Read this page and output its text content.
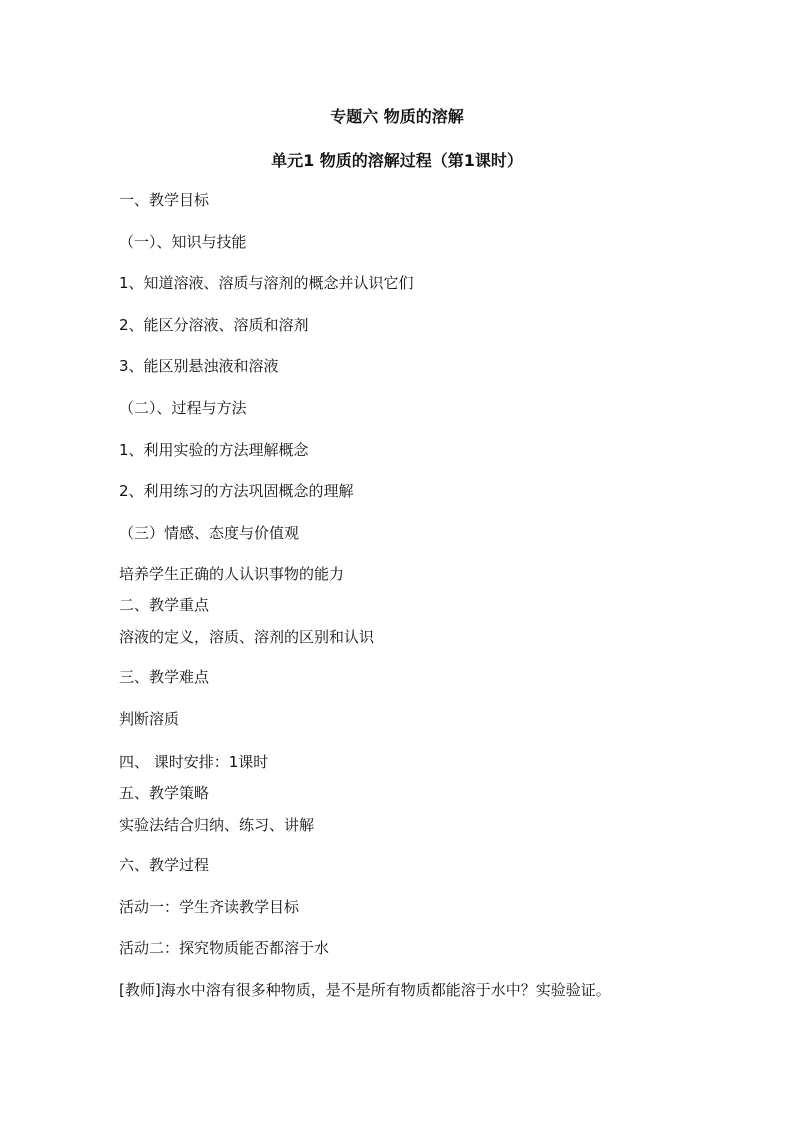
专题六 物质的溶解
单元1 物质的溶解过程（第1课时）
一、教学目标
（一）、知识与技能
1、知道溶液、溶质与溶剂的概念并认识它们
2、能区分溶液、溶质和溶剂
3、能区别悬浊液和溶液
（二）、过程与方法
1、利用实验的方法理解概念
2、利用练习的方法巩固概念的理解
（三）情感、态度与价值观
培养学生正确的人认识事物的能力
二、教学重点
溶液的定义，溶质、溶剂的区别和认识
三、教学难点
判断溶质
四、 课时安排：1课时
五、教学策略
实验法结合归纳、练习、讲解
六、教学过程
活动一：学生齐读教学目标
活动二：探究物质能否都溶于水
[教师]海水中溶有很多种物质，是不是所有物质都能溶于水中？实验验证。
